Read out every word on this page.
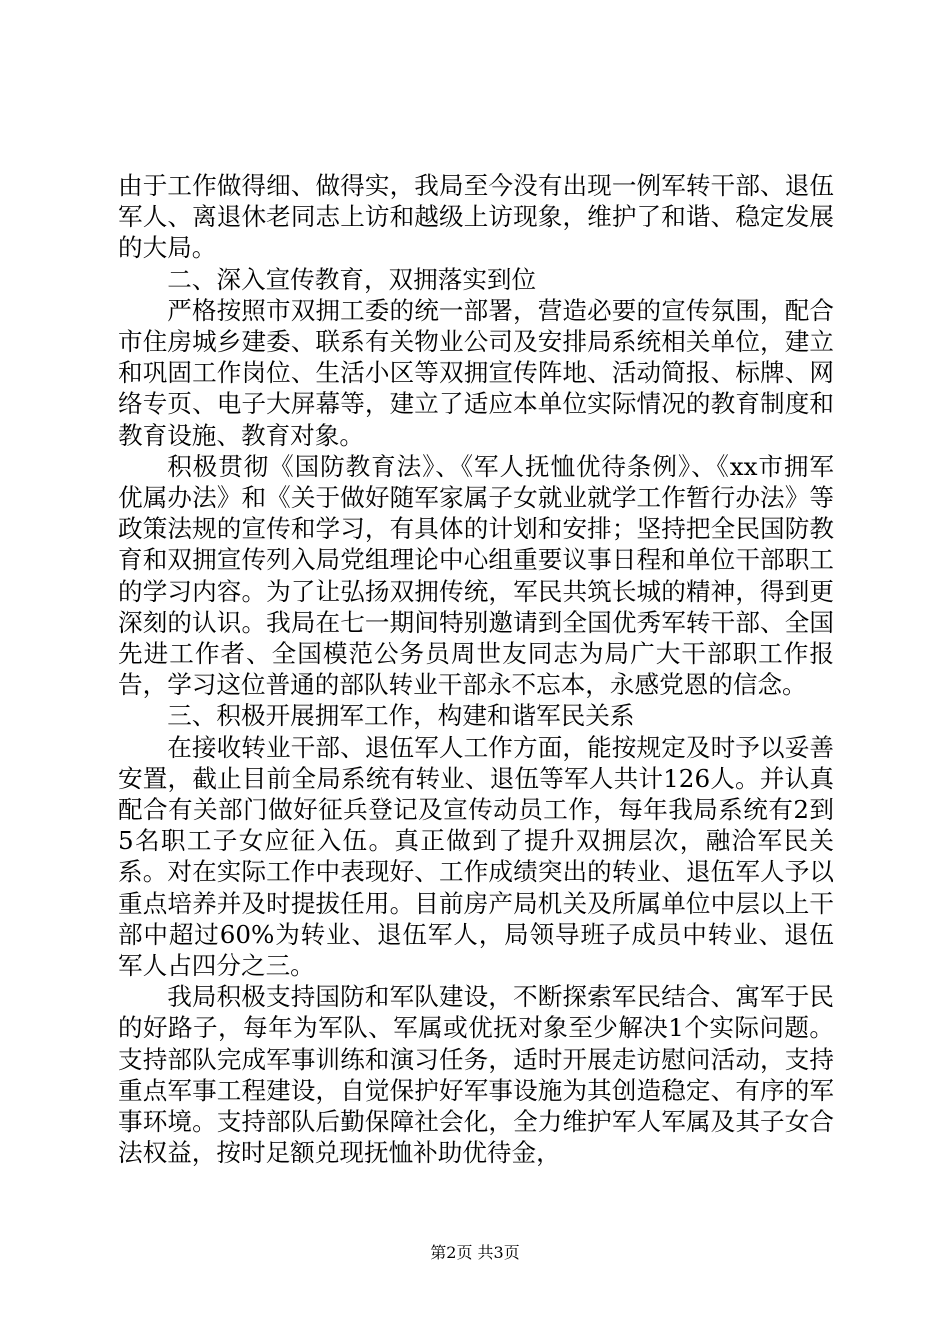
由于工作做得细、做得实，我局至今没有出现一例军转干部、退伍军人、离退休老同志上访和越级上访现象，维护了和谐、稳定发展的大局。

二、深入宣传教育，双拥落实到位

严格按照市双拥工委的统一部署，营造必要的宣传氛围，配合市住房城乡建委、联系有关物业公司及安排局系统相关单位，建立和巩固工作岗位、生活小区等双拥宣传阵地、活动简报、标牌、网络专页、电子大屏幕等，建立了适应本单位实际情况的教育制度和教育设施、教育对象。

积极贯彻《国防教育法》、《军人抚恤优待条例》、《xx市拥军优属办法》和《关于做好随军家属子女就业就学工作暂行办法》等政策法规的宣传和学习，有具体的计划和安排；坚持把全民国防教育和双拥宣传列入局党组理论中心组重要议事日程和单位干部职工的学习内容。为了让弘扬双拥传统，军民共筑长城的精神，得到更深刻的认识。我局在七一期间特别邀请到全国优秀军转干部、全国先进工作者、全国模范公务员周世友同志为局广大干部职工作报告，学习这位普通的部队转业干部永不忘本，永感党恩的信念。

三、积极开展拥军工作，构建和谐军民关系

在接收转业干部、退伍军人工作方面，能按规定及时予以妥善安置，截止目前全局系统有转业、退伍等军人共计126人。并认真配合有关部门做好征兵登记及宣传动员工作，每年我局系统有2到5名职工子女应征入伍。真正做到了提升双拥层次，融洽军民关系。对在实际工作中表现好、工作成绩突出的转业、退伍军人予以重点培养并及时提拔任用。目前房产局机关及所属单位中层以上干部中超过60%为转业、退伍军人，局领导班子成员中转业、退伍军人占四分之三。

我局积极支持国防和军队建设，不断探索军民结合、寓军于民的好路子，每年为军队、军属或优抚对象至少解决1个实际问题。支持部队完成军事训练和演习任务，适时开展走访慰问活动，支持重点军事工程建设，自觉保护好军事设施为其创造稳定、有序的军事环境。支持部队后勤保障社会化，全力维护军人军属及其子女合法权益，按时足额兑现抚恤补助优待金，

第2页 共3页
